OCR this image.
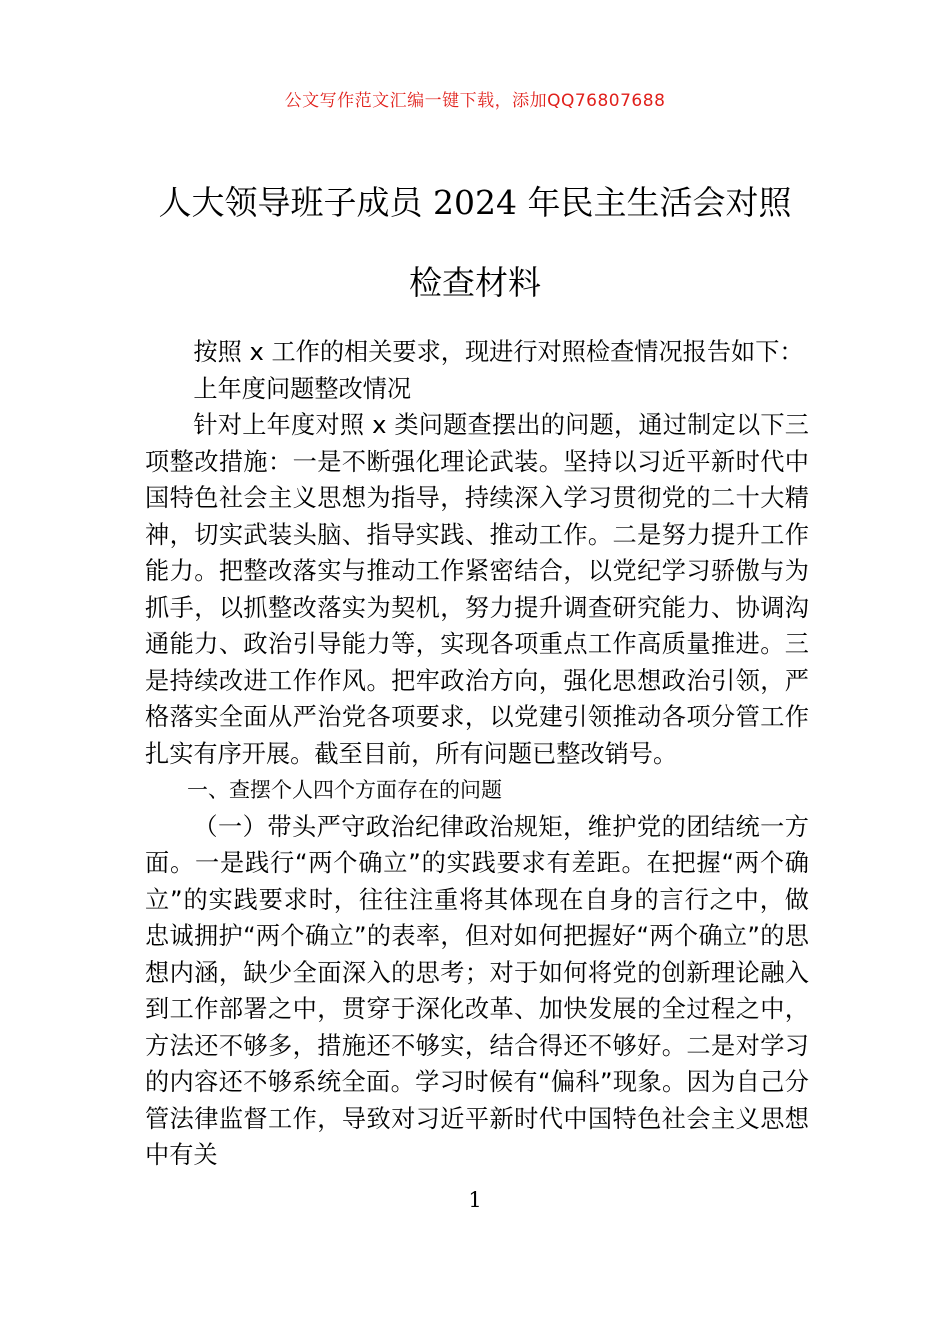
公文写作范文汇编一键下载，添加QQ76807688
人大领导班子成员 2024 年民主生活会对照
检查材料

按照 x 工作的相关要求，现进行对照检查情况报告如下：

上年度问题整改情况

针对上年度对照 x 类问题查摆出的问题，通过制定以下三项整改措施：一是不断强化理论武装。坚持以习近平新时代中国特色社会主义思想为指导，持续深入学习贯彻党的二十大精神，切实武装头脑、指导实践、推动工作。二是努力提升工作能力。把整改落实与推动工作紧密结合，以党纪学习骄傲与为抓手，以抓整改落实为契机，努力提升调查研究能力、协调沟通能力、政治引导能力等，实现各项重点工作高质量推进。三是持续改进工作作风。把牢政治方向，强化思想政治引领，严格落实全面从严治党各项要求，以党建引领推动各项分管工作扎实有序开展。截至目前，所有问题已整改销号。

一、查摆个人四个方面存在的问题

（一）带头严守政治纪律政治规矩，维护党的团结统一方面。一是践行“两个确立”的实践要求有差距。在把握“两个确立”的实践要求时，往往注重将其体现在自身的言行之中，做忠诚拥护“两个确立”的表率，但对如何把握好“两个确立”的思想内涵，缺少全面深入的思考；对于如何将党的创新理论融入到工作部署之中，贯穿于深化改革、加快发展的全过程之中，方法还不够多，措施还不够实，结合得还不够好。二是对学习的内容还不够系统全面。学习时候有“偏科”现象。因为自己分管法律监督工作，导致对习近平新时代中国特色社会主义思想中有关

1
